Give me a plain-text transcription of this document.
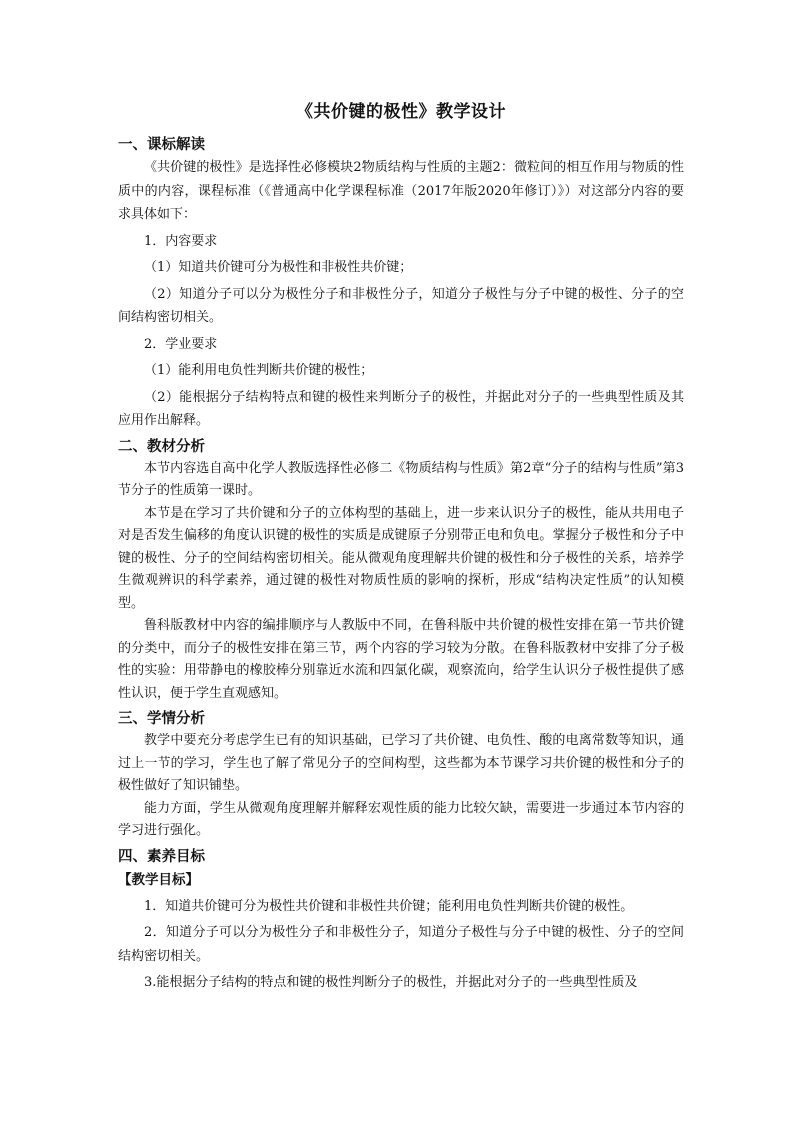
《共价键的极性》教学设计
一、课标解读

《共价键的极性》是选择性必修模块2物质结构与性质的主题2：微粒间的相互作用与物质的性质中的内容，课程标准（《普通高中化学课程标准（2017年版2020年修订）》）对这部分内容的要求具体如下：

1．内容要求

（1）知道共价键可分为极性和非极性共价键；

（2）知道分子可以分为极性分子和非极性分子，知道分子极性与分子中键的极性、分子的空间结构密切相关。

2．学业要求

（1）能利用电负性判断共价键的极性；

（2）能根据分子结构特点和键的极性来判断分子的极性，并据此对分子的一些典型性质及其应用作出解释。

二、教材分析

本节内容选自高中化学人教版选择性必修二《物质结构与性质》第2章“分子的结构与性质”第3节分子的性质第一课时。

本节是在学习了共价键和分子的立体构型的基础上，进一步来认识分子的极性，能从共用电子对是否发生偏移的角度认识键的极性的实质是成键原子分别带正电和负电。掌握分子极性和分子中键的极性、分子的空间结构密切相关。能从微观角度理解共价键的极性和分子极性的关系，培养学生微观辨识的科学素养，通过键的极性对物质性质的影响的探析，形成“结构决定性质”的认知模型。

鲁科版教材中内容的编排顺序与人教版中不同，在鲁科版中共价键的极性安排在第一节共价键的分类中，而分子的极性安排在第三节，两个内容的学习较为分散。在鲁科版教材中安排了分子极性的实验：用带静电的橡胶棒分别靠近水流和四氯化碳，观察流向，给学生认识分子极性提供了感性认识，便于学生直观感知。

三、学情分析

教学中要充分考虑学生已有的知识基础，已学习了共价键、电负性、酸的电离常数等知识，通过上一节的学习，学生也了解了常见分子的空间构型，这些都为本节课学习共价键的极性和分子的极性做好了知识铺垫。

能力方面，学生从微观角度理解并解释宏观性质的能力比较欠缺，需要进一步通过本节内容的学习进行强化。

四、素养目标
【教学目标】

1．知道共价键可分为极性共价键和非极性共价键；能利用电负性判断共价键的极性。

2．知道分子可以分为极性分子和非极性分子，知道分子极性与分子中键的极性、分子的空间结构密切相关。

3.能根据分子结构的特点和键的极性判断分子的极性，并据此对分子的一些典型性质及
